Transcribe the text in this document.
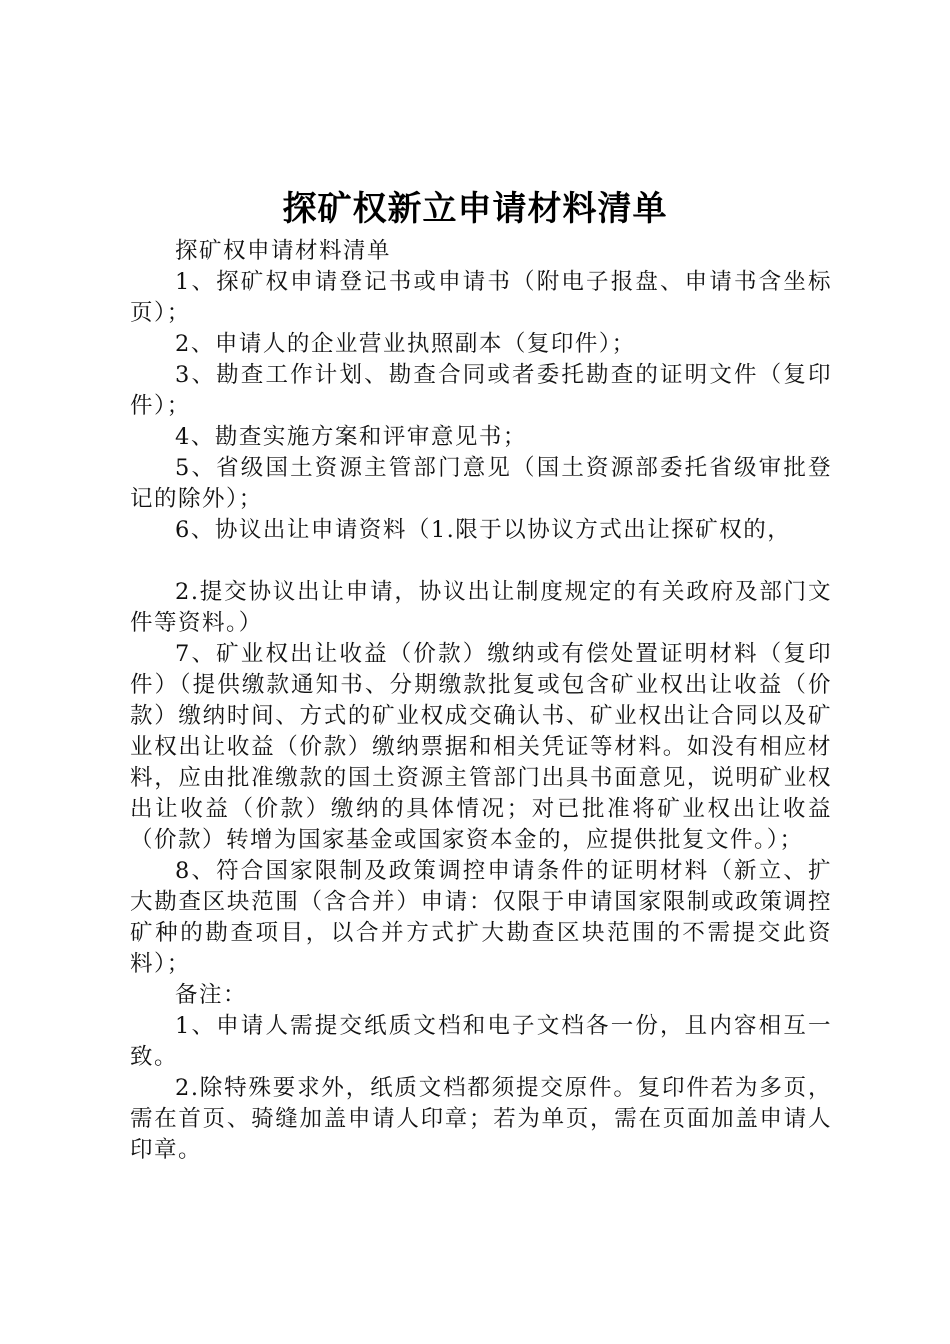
探矿权新立申请材料清单

探矿权申请材料清单

1、探矿权申请登记书或申请书（附电子报盘、申请书含坐标页）；

2、申请人的企业营业执照副本（复印件）；

3、勘查工作计划、勘查合同或者委托勘查的证明文件（复印件）；

4、勘查实施方案和评审意见书；

5、省级国土资源主管部门意见（国土资源部委托省级审批登记的除外）；

6、协议出让申请资料（1.限于以协议方式出让探矿权的，

2.提交协议出让申请，协议出让制度规定的有关政府及部门文件等资料。）

7、矿业权出让收益（价款）缴纳或有偿处置证明材料（复印件）（提供缴款通知书、分期缴款批复或包含矿业权出让收益（价款）缴纳时间、方式的矿业权成交确认书、矿业权出让合同以及矿业权出让收益（价款）缴纳票据和相关凭证等材料。如没有相应材料，应由批准缴款的国土资源主管部门出具书面意见，说明矿业权出让收益（价款）缴纳的具体情况；对已批准将矿业权出让收益（价款）转增为国家基金或国家资本金的，应提供批复文件。）；

8、符合国家限制及政策调控申请条件的证明材料（新立、扩大勘查区块范围（含合并）申请：仅限于申请国家限制或政策调控矿种的勘查项目，以合并方式扩大勘查区块范围的不需提交此资料）；

备注：

1、申请人需提交纸质文档和电子文档各一份，且内容相互一致。

2.除特殊要求外，纸质文档都须提交原件。复印件若为多页，需在首页、骑缝加盖申请人印章；若为单页，需在页面加盖申请人印章。
